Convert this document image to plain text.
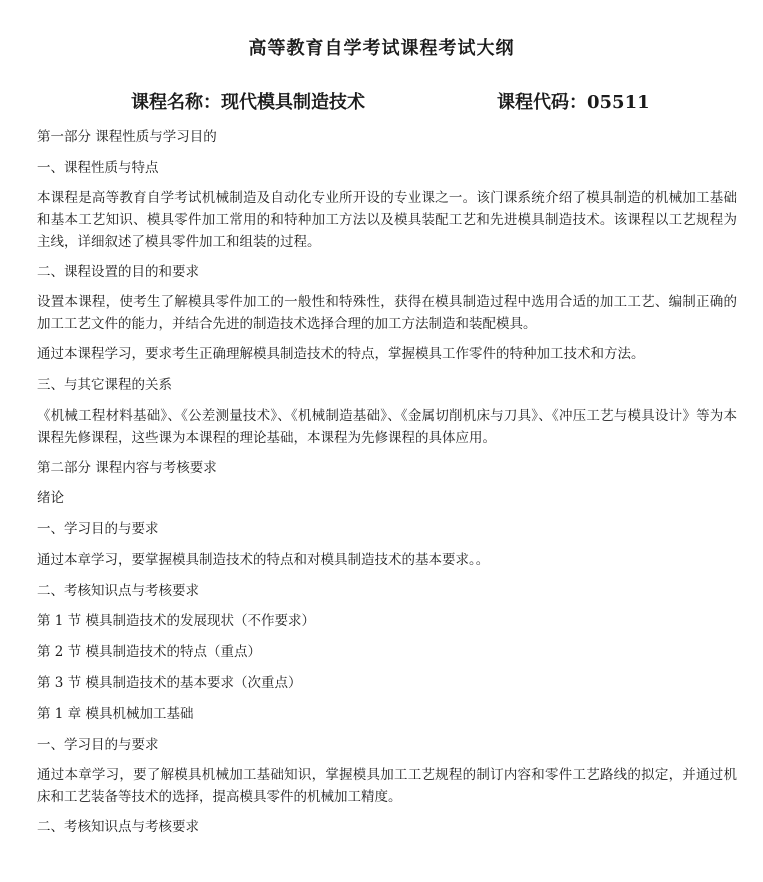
高等教育自学考试课程考试大纲
课程名称：现代模具制造技术	课程代码：05511
第一部分 课程性质与学习目的
一、课程性质与特点
本课程是高等教育自学考试机械制造及自动化专业所开设的专业课之一。该门课系统介绍了模具制造的机械加工基础和基本工艺知识、模具零件加工常用的和特种加工方法以及模具装配工艺和先进模具制造技术。该课程以工艺规程为主线，详细叙述了模具零件加工和组装的过程。
二、课程设置的目的和要求
设置本课程，使考生了解模具零件加工的一般性和特殊性，获得在模具制造过程中选用合适的加工工艺、编制正确的加工工艺文件的能力，并结合先进的制造技术选择合理的加工方法制造和装配模具。
通过本课程学习，要求考生正确理解模具制造技术的特点，掌握模具工作零件的特种加工技术和方法。
三、与其它课程的关系
《机械工程材料基础》、《公差测量技术》、《机械制造基础》、《金属切削机床与刀具》、《冲压工艺与模具设计》等为本课程先修课程，这些课为本课程的理论基础，本课程为先修课程的具体应用。
第二部分 课程内容与考核要求
绪论
一、学习目的与要求
通过本章学习，要掌握模具制造技术的特点和对模具制造技术的基本要求。。
二、考核知识点与考核要求
第 1 节 模具制造技术的发展现状（不作要求）
第 2 节 模具制造技术的特点（重点）
第 3 节 模具制造技术的基本要求（次重点）
第 1 章 模具机械加工基础
一、学习目的与要求
通过本章学习，要了解模具机械加工基础知识，掌握模具加工工艺规程的制订内容和零件工艺路线的拟定，并通过机床和工艺装备等技术的选择，提高模具零件的机械加工精度。
二、考核知识点与考核要求
